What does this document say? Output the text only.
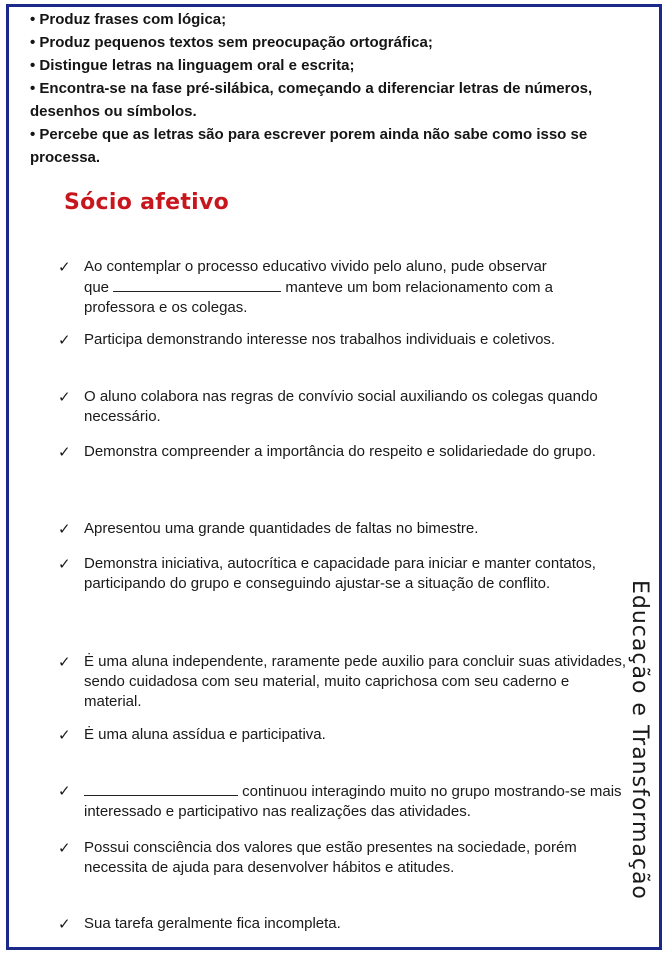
• Produz frases com lógica;
• Produz pequenos textos sem preocupação ortográfica;
• Distingue letras na linguagem oral e escrita;
• Encontra-se na fase pré-silábica, começando a diferenciar letras de números, desenhos ou símbolos.
• Percebe que as letras são para escrever porem ainda não sabe como isso se processa.
Sócio afetivo
✓ Ao contemplar o processo educativo vivido pelo aluno, pude observar
que	manteve um bom relacionamento com a professora e os colegas.
✓ Participa demonstrando interesse nos trabalhos individuais e coletivos.
✓ O aluno colabora nas regras de convívio social auxiliando os colegas quando necessário.
✓ Demonstra compreender a importância do respeito e solidariedade do grupo.
✓ Apresentou uma grande quantidades de faltas no bimestre.
✓ Demonstra iniciativa, autocrítica e capacidade para iniciar e manter contatos, participando do grupo e conseguindo ajustar-se a situação de conflito.
✓ Ė uma aluna independente, raramente pede auxilio para concluir suas atividades, sendo cuidadosa com seu material, muito caprichosa com seu caderno e material.
✓ Ė uma aluna assídua e participativa.
✓	continuou interagindo muito no grupo mostrando-se mais interessado e participativo nas realizações das atividades.
✓ Possui consciência dos valores que estão presentes na sociedade, porém necessita de ajuda para desenvolver hábitos e atitudes.
✓ Sua tarefa geralmente fica incompleta.
Educação e Transformação
